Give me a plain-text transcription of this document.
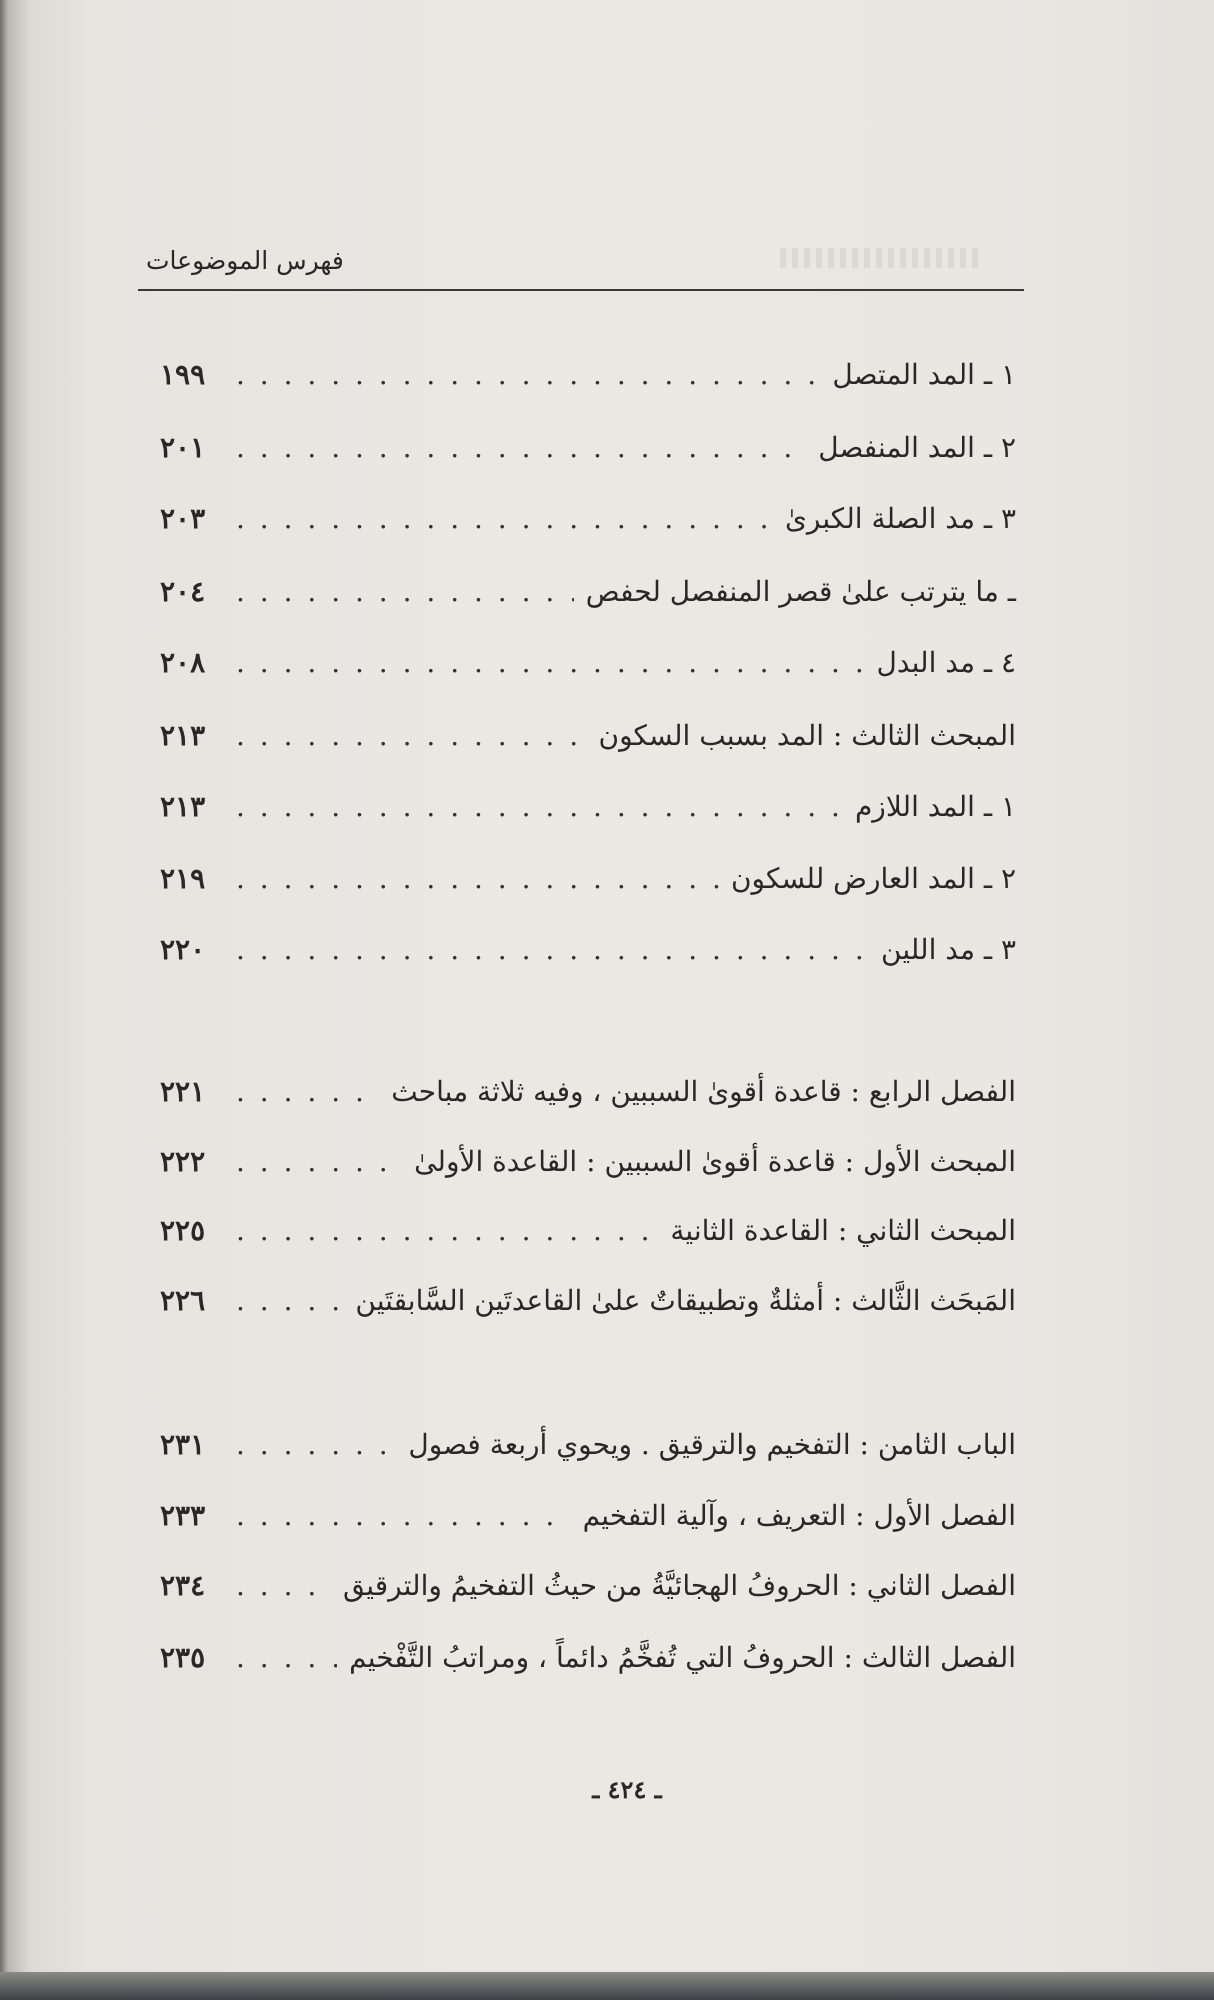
فهرس الموضوعات
١ ـ المد المتصل
. . .
١٩٩
٢ ـ المد المنفصل
. . .
٢٠١
٣ ـ مد الصلة الكبرىٰ
. . .
٢٠٣
ـ ما يترتب علىٰ قصر المنفصل لحفص
. . .
٢٠٤
٤ ـ مد البدل
. . .
٢٠٨
المبحث الثالث : المد بسبب السكون
. . .
٢١٣
١ ـ المد اللازم
. . .
٢١٣
٢ ـ المد العارض للسكون
. . .
٢١٩
٣ ـ مد اللين
. . .
٢٢٠
الفصل الرابع : قاعدة أقوىٰ السببين ، وفيه ثلاثة مباحث
. . .
٢٢١
المبحث الأول : قاعدة أقوىٰ السببين : القاعدة الأولىٰ
. . .
٢٢٢
المبحث الثاني : القاعدة الثانية
. . .
٢٢٥
المَبحَث الثَّالث : أمثلةٌ وتطبيقاتٌ علىٰ القاعدتَين السَّابقتَين
. . .
٢٢٦
الباب الثامن : التفخيم والترقيق . ويحوي أربعة فصول
. . .
٢٣١
الفصل الأول : التعريف ، وآلية التفخيم
. . .
٢٣٣
الفصل الثاني : الحروفُ الهجائيَّةُ من حيثُ التفخيمُ والترقيق
. . .
٢٣٤
الفصل الثالث : الحروفُ التي تُفخَّمُ دائماً ، ومراتبُ التَّفْخيم
. . .
٢٣٥
ـ ٤٢٤ ـ
